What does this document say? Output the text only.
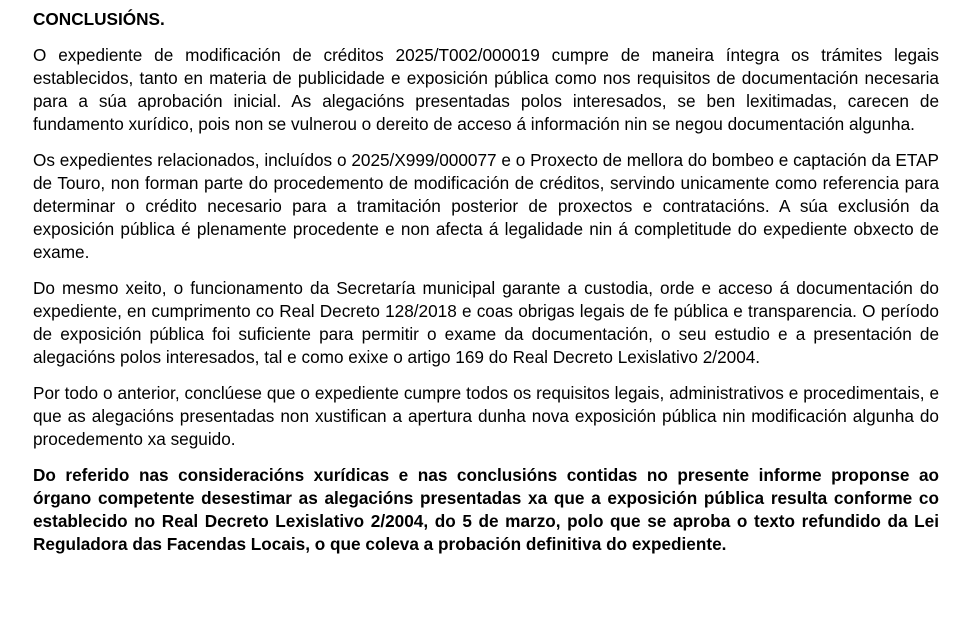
CONCLUSIÓNS.

O expediente de modificación de créditos 2025/T002/000019 cumpre de maneira íntegra os trámites legais establecidos, tanto en materia de publicidade e exposición pública como nos requisitos de documentación necesaria para a súa aprobación inicial. As alegacións presentadas polos interesados, se ben lexitimadas, carecen de fundamento xurídico, pois non se vulnerou o dereito de acceso á información nin se negou documentación algunha.

Os expedientes relacionados, incluídos o 2025/X999/000077 e o Proxecto de mellora do bombeo e captación da ETAP de Touro, non forman parte do procedemento de modificación de créditos, servindo unicamente como referencia para determinar o crédito necesario para a tramitación posterior de proxectos e contratacións. A súa exclusión da exposición pública é plenamente procedente e non afecta á legalidade nin á completitude do expediente obxecto de exame.

Do mesmo xeito, o funcionamento da Secretaría municipal garante a custodia, orde e acceso á documentación do expediente, en cumprimento co Real Decreto 128/2018 e coas obrigas legais de fe pública e transparencia. O período de exposición pública foi suficiente para permitir o exame da documentación, o seu estudio e a presentación de alegacións polos interesados, tal e como exixe o artigo 169 do Real Decreto Lexislativo 2/2004.

Por todo o anterior, conclúese que o expediente cumpre todos os requisitos legais, administrativos e procedimentais, e que as alegacións presentadas non xustifican a apertura dunha nova exposición pública nin modificación algunha do procedemento xa seguido.

Do referido nas consideracións xurídicas e nas conclusións contidas no presente informe proponse ao órgano competente desestimar as alegacións presentadas xa que a exposición pública resulta conforme co establecido no Real Decreto Lexislativo 2/2004, do 5 de marzo, polo que se aproba o texto refundido da Lei Reguladora das Facendas Locais, o que coleva a probación definitiva do expediente.
